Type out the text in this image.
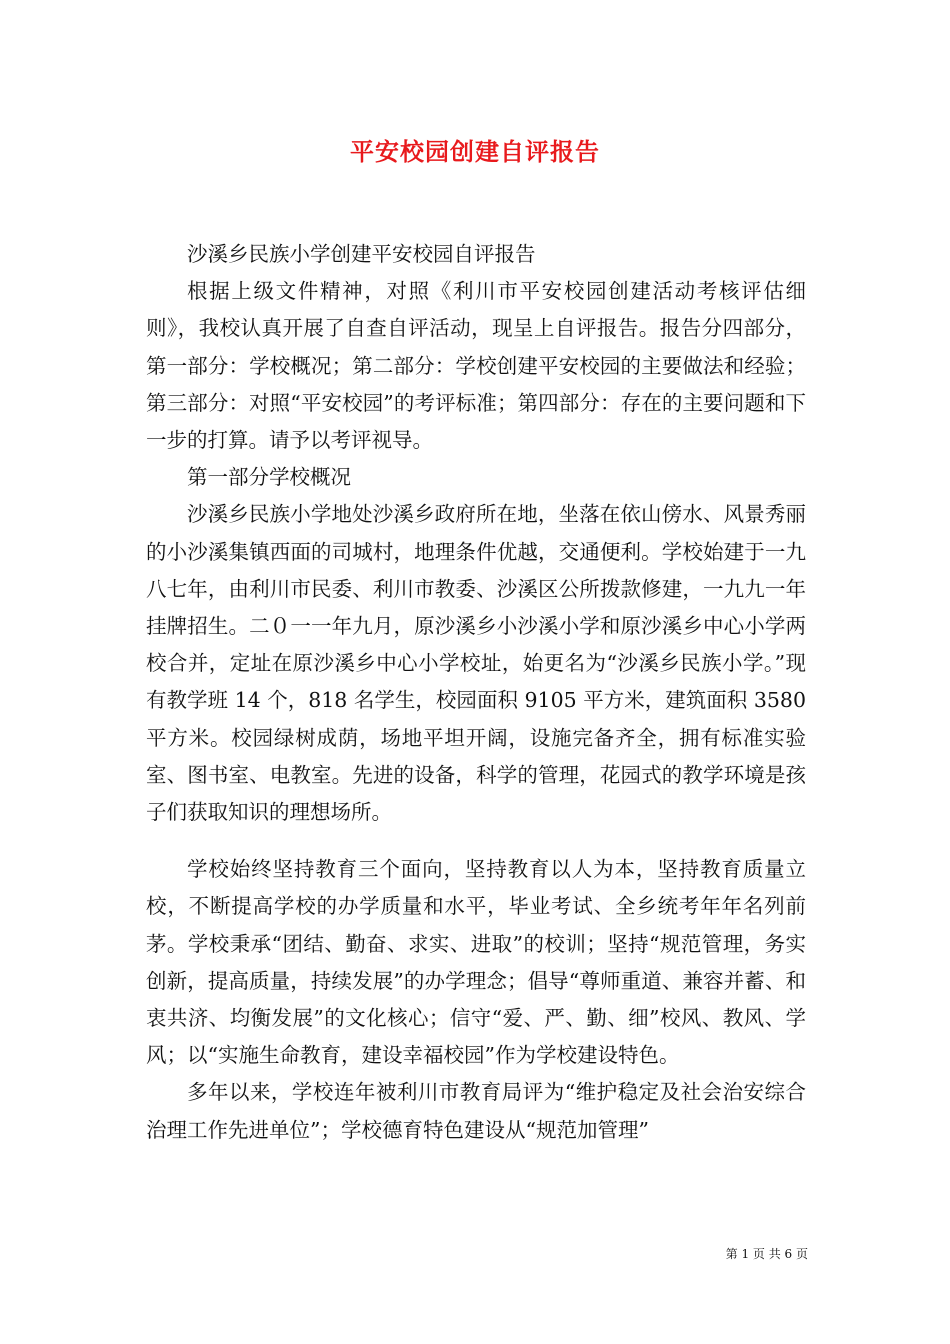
平安校园创建自评报告

沙溪乡民族小学创建平安校园自评报告

根据上级文件精神，对照《利川市平安校园创建活动考核评估细则》，我校认真开展了自查自评活动，现呈上自评报告。报告分四部分，第一部分：学校概况；第二部分：学校创建平安校园的主要做法和经验；第三部分：对照“平安校园”的考评标准；第四部分：存在的主要问题和下一步的打算。请予以考评视导。

第一部分学校概况

沙溪乡民族小学地处沙溪乡政府所在地，坐落在依山傍水、风景秀丽的小沙溪集镇西面的司城村，地理条件优越，交通便利。学校始建于一九八七年，由利川市民委、利川市教委、沙溪区公所拨款修建，一九九一年挂牌招生。二０一一年九月，原沙溪乡小沙溪小学和原沙溪乡中心小学两校合并，定址在原沙溪乡中心小学校址，始更名为“沙溪乡民族小学。”现有教学班 14 个，818 名学生，校园面积 9105 平方米，建筑面积 3580 平方米。校园绿树成荫，场地平坦开阔，设施完备齐全，拥有标准实验室、图书室、电教室。先进的设备，科学的管理，花园式的教学环境是孩子们获取知识的理想场所。

学校始终坚持教育三个面向，坚持教育以人为本，坚持教育质量立校，不断提高学校的办学质量和水平，毕业考试、全乡统考年年名列前茅。学校秉承“团结、勤奋、求实、进取”的校训；坚持“规范管理，务实创新，提高质量，持续发展”的办学理念；倡导“尊师重道、兼容并蓄、和衷共济、均衡发展”的文化核心；信守“爱、严、勤、细”校风、教风、学风；以“实施生命教育，建设幸福校园”作为学校建设特色。

多年以来，学校连年被利川市教育局评为“维护稳定及社会治安综合治理工作先进单位”；学校德育特色建设从“规范加管理”

第 1 页 共 6 页
